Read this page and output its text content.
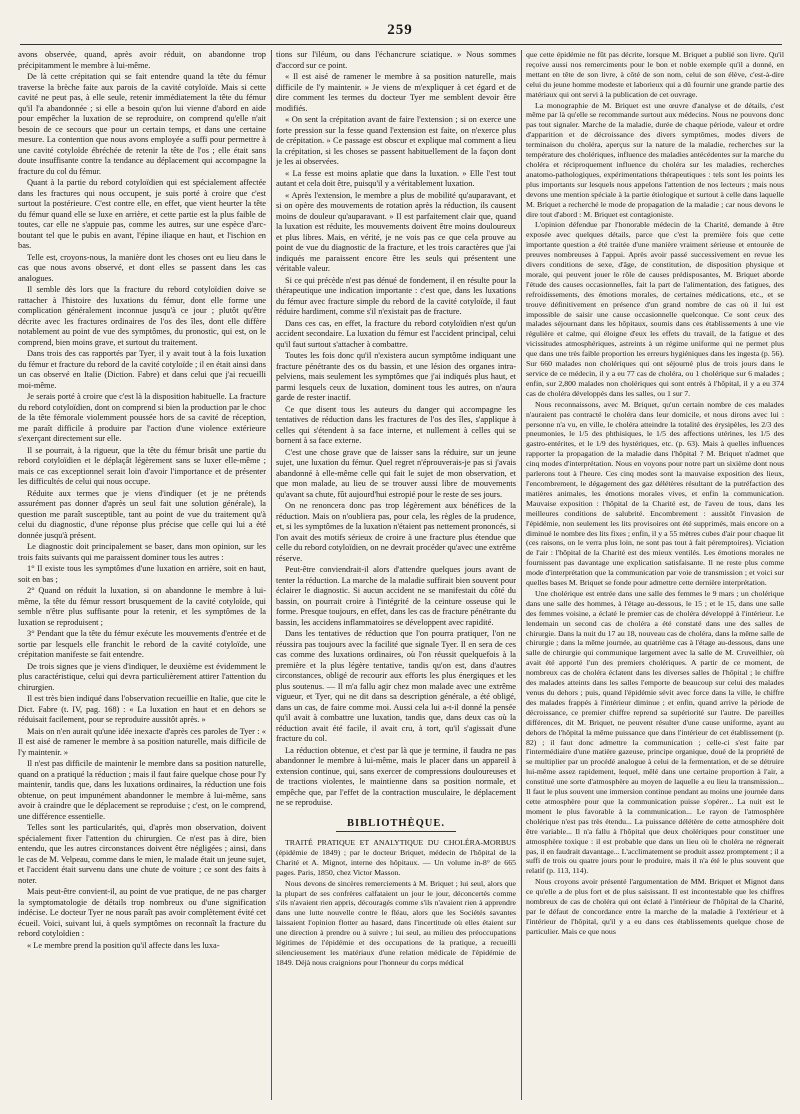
259

avons observée, quand, après avoir réduit, on abandonne trop précipitamment le membre à lui-même.

De là cette crépitation qui se fait entendre quand la tête du fémur traverse la brèche faite aux parois de la cavité cotyloïde. Mais si cette cavité ne peut pas, à elle seule, retenir immédiatement la tête du fémur qu'il l'a abandonnée ; si elle a besoin qu'on lui vienne d'abord en aide pour empêcher la luxation de se reproduire, on comprend qu'elle n'ait besoin de ce secours que pour un certain temps, et dans une certaine mesure. La contention que nous avons employée a suffi pour permettre à une cavité cotyloïde ébréchée de retenir la tête de l'os ; elle était sans doute insuffisante contre la tendance au déplacement qui accompagne la fracture du col du fémur.

Quant à la partie du rebord cotyloïdien qui est spécialement affectée dans les fractures qui nous occupent, je suis porté à croire que c'est surtout la postérieure. C'est contre elle, en effet, que vient heurter la tête du fémur quand elle se luxe en arrière, et cette partie est la plus faible de toutes, car elle ne s'appuie pas, comme les autres, sur une espèce d'arc-boutant tel que le pubis en avant, l'épine iliaque en haut, et l'ischion en bas.

Telle est, croyons-nous, la manière dont les choses ont eu lieu dans le cas que nous avons observé, et dont elles se passent dans les cas analogues.

Il semble dès lors que la fracture du rebord cotyloïdien doive se rattacher à l'histoire des luxations du fémur, dont elle forme une complication généralement inconnue jusqu'à ce jour ; plutôt qu'être décrite avec les fractures ordinaires de l'os des îles, dont elle diffère notablement au point de vue des symptômes, du pronostic, qui est, on le comprend, bien moins grave, et surtout du traitement.

Dans trois des cas rapportés par Tyer, il y avait tout à la fois luxation du fémur et fracture du rebord de la cavité cotyloïde ; il en était ainsi dans un cas observé en Italie (Diction. Fabre) et dans celui que j'ai recueilli moi-même.

Je serais porté à croire que c'est là la disposition habituelle. La fracture du rebord cotyloïdien, dont on comprend si bien la production par le choc de la tête fémorale violemment poussée hors de sa cavité de réception, me paraît difficile à produire par l'action d'une violence extérieure s'exerçant directement sur elle.

Il se pourrait, à la rigueur, que la tête du fémur brisât une partie du rebord cotyloïdien et le déplaçât légèrement sans se luxer elle-même ; mais ce cas exceptionnel serait loin d'avoir l'importance et de présenter les difficultés de celui qui nous occupe.

Réduite aux termes que je viens d'indiquer (et je ne prétends assurément pas donner d'après un seul fait une solution générale), la question me paraît susceptible, tant au point de vue du traitement qu'à celui du diagnostic, d'une réponse plus précise que celle qui lui a été donnée jusqu'à présent.

Le diagnostic doit principalement se baser, dans mon opinion, sur les trois faits suivants qui me paraissent dominer tous les autres :

1° Il existe tous les symptômes d'une luxation en arrière, soit en haut, soit en bas ;

2° Quand on réduit la luxation, si on abandonne le membre à lui-même, la tête du fémur ressort brusquement de la cavité cotyloïde, qui semble n'être plus suffisante pour la retenir, et les symptômes de la luxation se reproduisent ;

3° Pendant que la tête du fémur exécute les mouvements d'entrée et de sortie par lesquels elle franchit le rebord de la cavité cotyloïde, une crépitation manifeste se fait entendre.

De trois signes que je viens d'indiquer, le deuxième est évidemment le plus caractéristique, celui qui devra particulièrement attirer l'attention du chirurgien.

Il est très bien indiqué dans l'observation recueillie en Italie, que cite le Dict. Fabre (t. IV, pag. 168) : « La luxation en haut et en dehors se réduisait facilement, pour se reproduire aussitôt après. »

Mais on n'en aurait qu'une idée inexacte d'après ces paroles de Tyer : « Il est aisé de ramener le membre à sa position naturelle, mais difficile de l'y maintenir. »

Il n'est pas difficile de maintenir le membre dans sa position naturelle, quand on a pratiqué la réduction ; mais il faut faire quelque chose pour l'y maintenir, tandis que, dans les luxations ordinaires, la réduction une fois obtenue, on peut impunément abandonner le membre à lui-même, sans avoir à craindre que le déplacement se reproduise ; c'est, on le comprend, une différence essentielle.

Telles sont les particularités, qui, d'après mon observation, doivent spécialement fixer l'attention du chirurgien. Ce n'est pas à dire, bien entendu, que les autres circonstances doivent être négligées ; ainsi, dans le cas de M. Velpeau, comme dans le mien, le malade était un jeune sujet, et l'accident était survenu dans une chute de voiture ; ce sont des faits à noter.

Mais peut-être convient-il, au point de vue pratique, de ne pas charger la symptomatologie de détails trop nombreux ou d'une signification indécise. Le docteur Tyer ne nous paraît pas avoir complètement évité cet écueil. Voici, suivant lui, à quels symptômes on reconnaît la fracture du rebord cotyloïdien :

« Le membre prend la position qu'il affecte dans les luxa-

tions sur l'iléum, ou dans l'échancrure sciatique. » Nous sommes d'accord sur ce point.

« Il est aisé de ramener le membre à sa position naturelle, mais difficile de l'y maintenir. » Je viens de m'expliquer à cet égard et de dire comment les termes du docteur Tyer me semblent devoir être modifiés.

« On sent la crépitation avant de faire l'extension ; si on exerce une forte pression sur la fesse quand l'extension est faite, on n'exerce plus de crépitation. » Ce passage est obscur et explique mal comment a lieu la crépitation, si les choses se passent habituellement de la façon dont je les ai observées.

« La fesse est moins aplatie que dans la luxation. » Elle l'est tout autant et cela doit être, puisqu'il y a véritablement luxation.

« Après l'extension, le membre a plus de mobilité qu'auparavant, et si on opère des mouvements de rotation après la réduction, ils causent moins de douleur qu'auparavant. » Il est parfaitement clair que, quand la luxation est réduite, les mouvements doivent être moins douloureux et plus libres. Mais, en vérité, je ne vois pas ce que cela prouve au point de vue du diagnostic de la fracture, et les trois caractères que j'ai indiqués me paraissent encore être les seuls qui présentent une véritable valeur.

Si ce qui précède n'est pas dénué de fondement, il en résulte pour la thérapeutique une indication importante : c'est que, dans les luxations du fémur avec fracture simple du rebord de la cavité cotyloïde, il faut réduire hardiment, comme s'il n'existait pas de fracture.

Dans ces cas, en effet, la fracture du rebord cotyloïdien n'est qu'un accident secondaire. La luxation du fémur est l'accident principal, celui qu'il faut surtout s'attacher à combattre.

Toutes les fois donc qu'il n'existera aucun symptôme indiquant une fracture pénétrante des os du bassin, et une lésion des organes intra-pelviens, mais seulement les symptômes que j'ai indiqués plus haut, et parmi lesquels ceux de luxation, dominent tous les autres, on n'aura garde de rester inactif.

Ce que disent tous les auteurs du danger qui accompagne les tentatives de réduction dans les fractures de l'os des îles, s'applique à celles qui s'étendent à sa face interne, et nullement à celles qui se bornent à sa face externe.

C'est une chose grave que de laisser sans la réduire, sur un jeune sujet, une luxation du fémur. Quel regret n'éprouverais-je pas si j'avais abandonné à elle-même celle qui fait le sujet de mon observation, et que mon malade, au lieu de se trouver aussi libre de mouvements qu'avant sa chute, fût aujourd'hui estropié pour le reste de ses jours.

On ne renoncera donc pas trop légèrement aux bénéfices de la réduction. Mais on n'oubliera pas, pour cela, les règles de la prudence, et, si les symptômes de la luxation n'étaient pas nettement prononcés, si l'on avait des motifs sérieux de croire à une fracture plus étendue que celle du rebord cotyloïdien, on ne devrait procéder qu'avec une extrême réserve.

Peut-être conviendrait-il alors d'attendre quelques jours avant de tenter la réduction. La marche de la maladie suffirait bien souvent pour éclairer le diagnostic. Si aucun accident ne se manifestait du côté du bassin, on pourrait croire à l'intégrité de la ceinture osseuse qui le forme. Presque toujours, en effet, dans les cas de fracture pénétrante du bassin, les accidens inflammatoires se développent avec rapidité.

Dans les tentatives de réduction que l'on pourra pratiquer, l'on ne réussira pas toujours avec la facilité que signale Tyer. Il en sera de ces cas comme des luxations ordinaires, où l'on réussit quelquefois à la première et la plus légère tentative, tandis qu'on est, dans d'autres circonstances, obligé de recourir aux efforts les plus énergiques et les plus soutenus. — Il m'a fallu agir chez mon malade avec une extrême vigueur, et Tyer, qui ne dit dans sa description générale, a été obligé, dans un cas, de faire comme moi. Aussi cela lui a-t-il donné la pensée qu'il avait à combattre une luxation, tandis que, dans deux cas où la réduction avait été facile, il avait cru, à tort, qu'il s'agissait d'une fracture du col.

La réduction obtenue, et c'est par là que je termine, il faudra ne pas abandonner le membre à lui-même, mais le placer dans un appareil à extension continue, qui, sans exercer de compressions douloureuses et de tractions violentes, le maintienne dans sa position normale, et empêche que, par l'effet de la contraction musculaire, le déplacement ne se reproduise.

BIBLIOTHÈQUE.

TRAITÉ PRATIQUE ET ANALYTIQUE DU CHOLÉRA-MORBUS (épidémie de 1849) ; par le docteur Briquet, médecin de l'hôpital de la Charité et A. Mignot, interne des hôpitaux. — Un volume in-8° de 665 pages. Paris, 1850, chez Victor Masson.

Nous devons de sincères remerciements à M. Briquet ; lui seul, alors que la plupart de ses confrères calfataient un jour le jour, déconcertés comme s'ils n'avaient rien appris, découragés comme s'ils n'avaient rien à apprendre dans une lutte nouvelle contre le fléau, alors que les Sociétés savantes laissaient l'opinion flotter au hasard, dans l'incertitude où elles étaient sur une direction à prendre ou à suivre ; lui seul, au milieu des préoccupations légitimes de l'épidémie et des occupations de la pratique, a recueilli silencieusement les matériaux d'une relation médicale de l'épidémie de 1849. Déjà nous craignions pour l'honneur du corps médical

que cette épidémie ne fût pas décrite, lorsque M. Briquet a publié son livre. Qu'il reçoive aussi nos remerciments pour le bon et noble exemple qu'il a donné, en mettant en tête de son livre, à côté de son nom, celui de son élève, c'est-à-dire celui du jeune homme modeste et laborieux qui a dû fournir une grande partie des matériaux qui ont servi à la publication de cet ouvrage.

La monographie de M. Briquet est une œuvre d'analyse et de détails, c'est même par là qu'elle se recommande surtout aux médecins. Nous ne pouvons donc pas tout signaler. Marche de la maladie, durée de chaque période, valeur et ordre d'apparition et de décroissance des divers symptômes, modes divers de terminaison du choléra, aperçus sur la nature de la maladie, recherches sur la température des cholériques, influence des maladies antécédentes sur la marche du choléra et réciproquement influence du choléra sur les maladies, recherches anatomo-pathologiques, expérimentations thérapeutiques : tels sont les points les plus importants sur lesquels nous appelons l'attention de nos lecteurs ; mais nous devons une mention spéciale à la partie étiologique et surtout à celle dans laquelle M. Briquet a recherché le mode de propagation de la maladie ; car nous devons le dire tout d'abord : M. Briquet est contagioniste.

L'opinion défendue par l'honorable médecin de la Charité, demande à être exposée avec quelques détails, parce que c'est la première fois que cette importante question a été traitée d'une manière vraiment sérieuse et entourée de preuves nombreuses à l'appui. Après avoir passé successivement en revue les divers conditions de sexe, d'âge, de constitution, de disposition physique et morale, qui peuvent jouer le rôle de causes prédisposantes, M. Briquet aborde l'étude des causes occasionnelles, fait la part de l'alimentation, des fatigues, des refroidissements, des émotions morales, de certaines médications, etc., et se trouve définitivement en présence d'un grand nombre de cas où il lui est impossible de saisir une cause occasionnelle quelconque. Ce sont ceux des malades séjournant dans les hôpitaux, soumis dans ces établissements à une vie régulière et calme, qui éloigne d'eux les effets du travail, de la fatigue et des vicissitudes atmosphériques, astreints à un régime uniforme qui ne permet plus que dans une très faible proportion les erreurs hygiéniques dans les ingesta (p. 56). Sur 660 malades non cholériques qui ont séjourné plus de trois jours dans le service de ce médecin, il y a eu 77 cas de choléra, ou 1 cholérique sur 6 malades ; enfin, sur 2,800 malades non cholériques qui sont entrés à l'hôpital, il y a eu 374 cas de choléra développés dans les salles, ou 1 sur 7.

Nous reconnaissons, avec M. Briquet, qu'un certain nombre de ces malades n'auraient pas contracté le choléra dans leur domicile, et nous dirons avec lui : personne n'a vu, en ville, le choléra atteindre la totalité des érysipèles, les 2/3 des pneumonies, le 1/5 des phthisiques, le 1/5 des affections utérines, les 1/5 des gastro-entérites, et le 1/9 des hystériques, etc. (p. 63). Mais à quelles influences rapporter la propagation de la maladie dans l'hôpital ? M. Briquet n'admet que cinq modes d'interprétation. Nous en voyons pour notre part un sixième dont nous parlerons tout à l'heure. Ces cinq modes sont la mauvaise exposition des lieux, l'encombrement, le dégagement des gaz délétères résultant de la putréfaction des matières animales, les émotions morales vives, et enfin la communication. Mauvaise exposition : l'hôpital de la Charité est, de l'aveu de tous, dans les meilleures conditions de salubrité. Encombrement : aussitôt l'invasion de l'épidémie, non seulement les lits provisoires ont été supprimés, mais encore on a diminué le nombre des lits fixes ; enfin, il y a 55 mètres cubes d'air pour chaque lit (ces raisons, on le verra plus loin, ne sont pas tout à fait péremptoires). Viciation de l'air : l'hôpital de la Charité est des mieux ventilés. Les émotions morales ne fournissent pas davantage une explication satisfaisante. Il ne reste plus comme mode d'interprétation que la communication par voie de transmission ; et voici sur quelles bases M. Briquet se fonde pour admettre cette dernière interprétation.

Une cholérique est entrée dans une salle des femmes le 9 mars ; un cholérique dans une salle des hommes, à l'étage au-dessous, le 15 ; et le 15, dans une salle des femmes voisine, a éclaté le premier cas de choléra développé à l'intérieur. Le lendemain un second cas de choléra a été constaté dans une des salles de chirurgie. Dans la nuit du 17 au 18, nouveau cas de choléra, dans la même salle de chirurgie ; dans la même journée, au quatrième cas à l'étage au-dessous, dans une salle de chirurgie qui communique largement avec la salle de M. Cruveilhier, où avait été apporté l'un des premiers cholériques. A partir de ce moment, de nombreux cas de choléra éclatent dans les diverses salles de l'hôpital ; le chiffre des malades atteints dans les salles l'emporte de beaucoup sur celui des malades venus du dehors ; puis, quand l'épidémie sévit avec force dans la ville, le chiffre des malades frappés à l'intérieur diminue ; et enfin, quand arrive la période de décroissance, ce premier chiffre reprend sa supériorité sur l'autre. De pareilles différences, dit M. Briquet, ne peuvent résulter d'une cause uniforme, ayant au dehors de l'hôpital la même puissance que dans l'intérieur de cet établissement (p. 82) ; il faut donc admettre la communication ; celle-ci s'est faite par l'intermédiaire d'une matière gazeuse, principe organique, doué de la propriété de se multiplier par un procédé analogue à celui de la fermentation, et de se détruire lui-même assez rapidement, lequel, mêlé dans une certaine proportion à l'air, a constitué une sorte d'atmosphère au moyen de laquelle a eu lieu la transmission... Il faut le plus souvent une immersion continue pendant au moins une journée dans cette atmosphère pour que la communication puisse s'opérer... La nuit est le moment le plus favorable à la communication... Le rayon de l'atmosphère cholérique n'est pas très étendu... La puissance délétère de cette atmosphère doit être variable... Il n'a fallu à l'hôpital que deux cholériques pour constituer une atmosphère toxique : il est probable que dans un lieu où le choléra ne régnerait pas, il en faudrait davantage... L'acclimatement se produit assez promptement ; il a suffi de trois ou quatre jours pour le produire, mais il n'a été le plus souvent que relatif (p. 113, 114).

Nous croyons avoir présenté l'argumentation de MM. Briquet et Mignot dans ce qu'elle a de plus fort et de plus saisissant. Il est incontestable que les chiffres nombreux de cas de choléra qui ont éclaté à l'intérieur de l'hôpital de la Charité, par le défaut de concordance entre la marche de la maladie à l'extérieur et à l'intérieur de l'hôpital, qu'il y a eu dans ces établissements quelque chose de particulier. Mais ce que nous
